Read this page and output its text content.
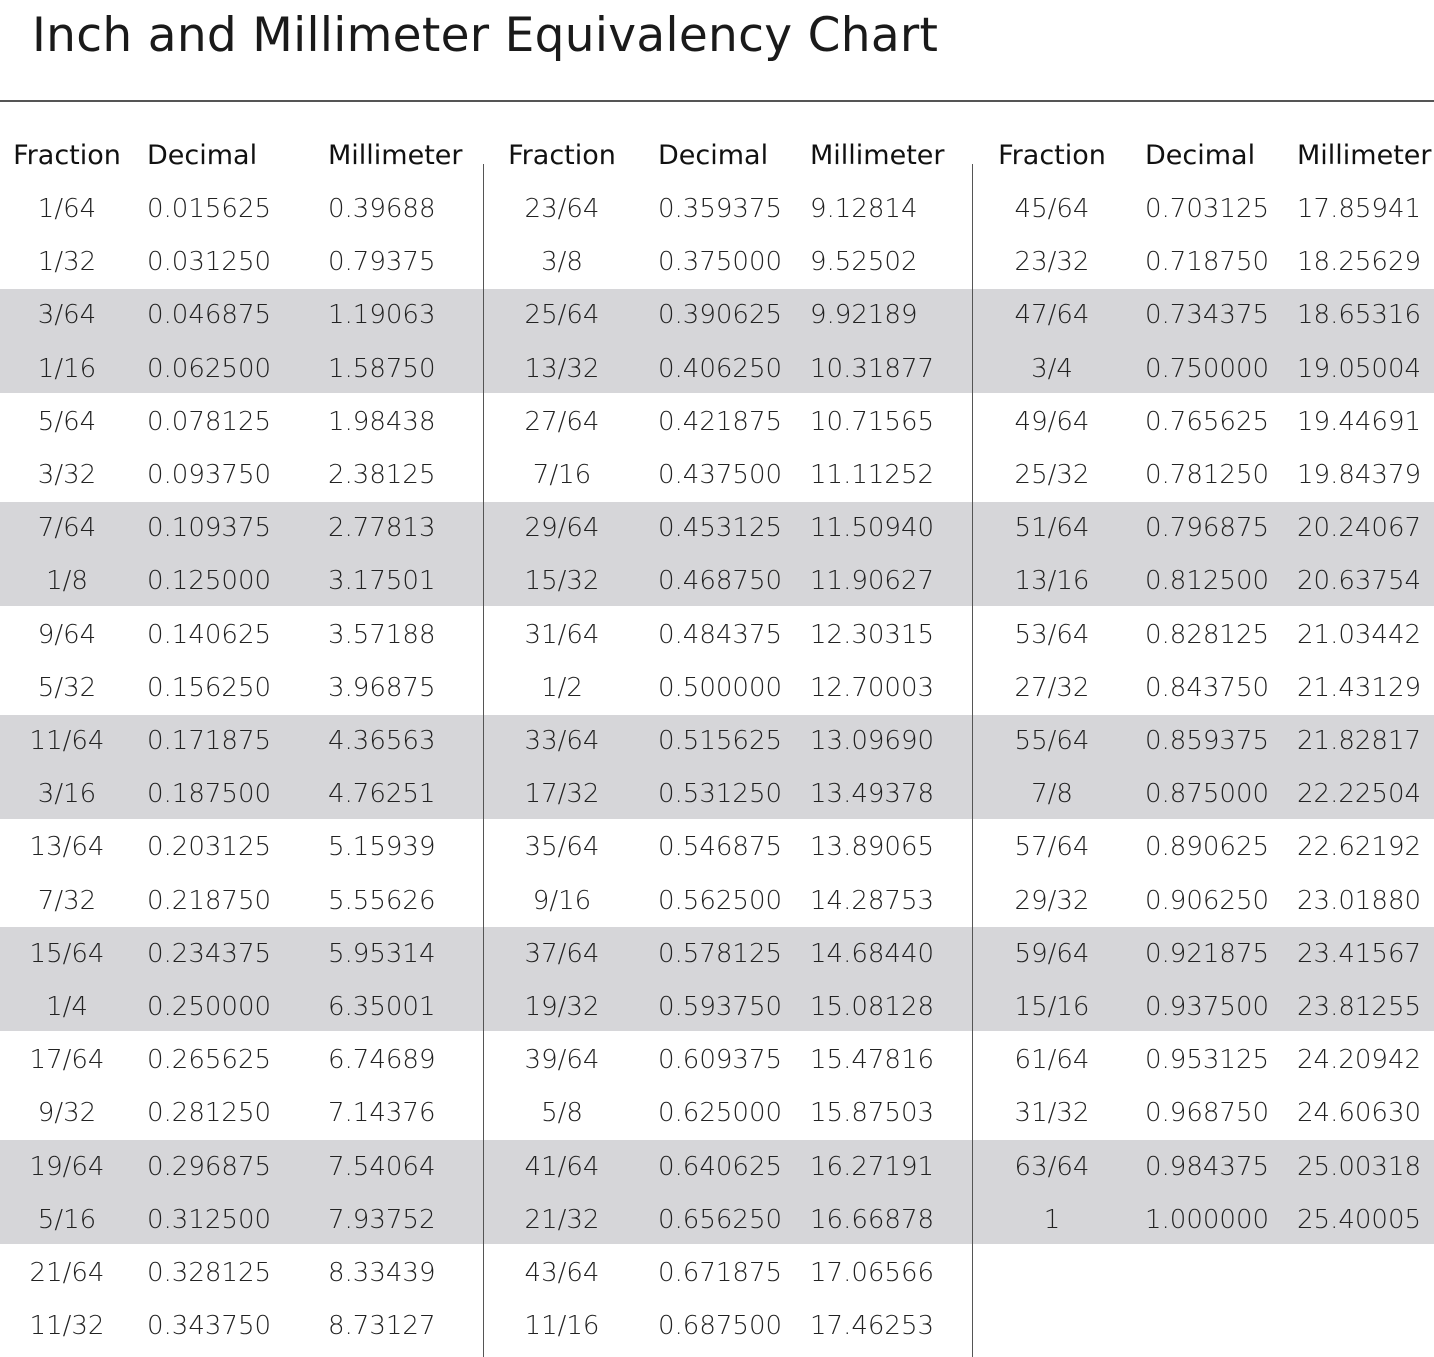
Inch and Millimeter Equivalency Chart
Fraction Decimal	Millimeter
1/64	0.015625 0.39688
1/32	0.031250 0.79375
3/64	0.046875 1.19063
1/16	0.062500 1.58750
5/64	0.078125 1.98438
3/32	0.093750 2.38125
7/64	0.109375 2.77813
1/8	0.125000 3.17501
9/64	0.140625 3.57188
5/32	0.156250 3.96875
11/64	0.171875 4.36563
3/16	0.187500 4.76251
13/64	0.203125 5.15939
7/32	0.218750 5.55626
15/64	0.234375 5.95314
1/4	0.250000 6.35001
17/64	0.265625 6.74689
9/32	0.281250 7.14376
19/64	0.296875 7.54064
5/16	0.312500 7.93752
21/64	0.328125 8.33439
11/32	0.343750 8.73127
Fraction	Decimal Millimeter
23/64	0.359375 9.12814
3/8	0.375000 9.52502
25/64	0.390625 9.92189
13/32	0.406250 10.31877
27/64	0.421875 10.71565
7/16	0.437500 11.11252
29/64	0.453125 11.50940
15/32	0.468750 11.90627
31/64	0.484375 12.30315
1/2	0.500000 12.70003
33/64	0.515625 13.09690
17/32	0.531250 13.49378
35/64	0.546875 13.89065
9/16	0.562500 14.28753
37/64	0.578125 14.68440
19/32	0.593750 15.08128
39/64	0.609375 15.47816
5/8	0.625000 15.87503
41/64	0.640625 16.27191
21/32	0.656250 16.66878
43/64	0.671875 17.06566
11/16	0.687500 17.46253
Fraction	Decimal Millimeter
45/64	0.703125 17.85941
23/32	0.718750 18.25629
47/64	0.734375 18.65316
3/4	0.750000 19.05004
49/64	0.765625 19.44691
25/32	0.781250 19.84379
51/64	0.796875 20.24067
13/16	0.812500 20.63754
53/64	0.828125 21.03442
27/32	0.843750 21.43129
55/64	0.859375 21.82817
7/8	0.875000 22.22504
57/64	0.890625 22.62192
29/32	0.906250 23.01880
59/64	0.921875 23.41567
15/16	0.937500 23.81255
61/64	0.953125 24.20942
31/32	0.968750 24.60630
63/64	0.984375 25.00318
1	1.000000 25.40005
